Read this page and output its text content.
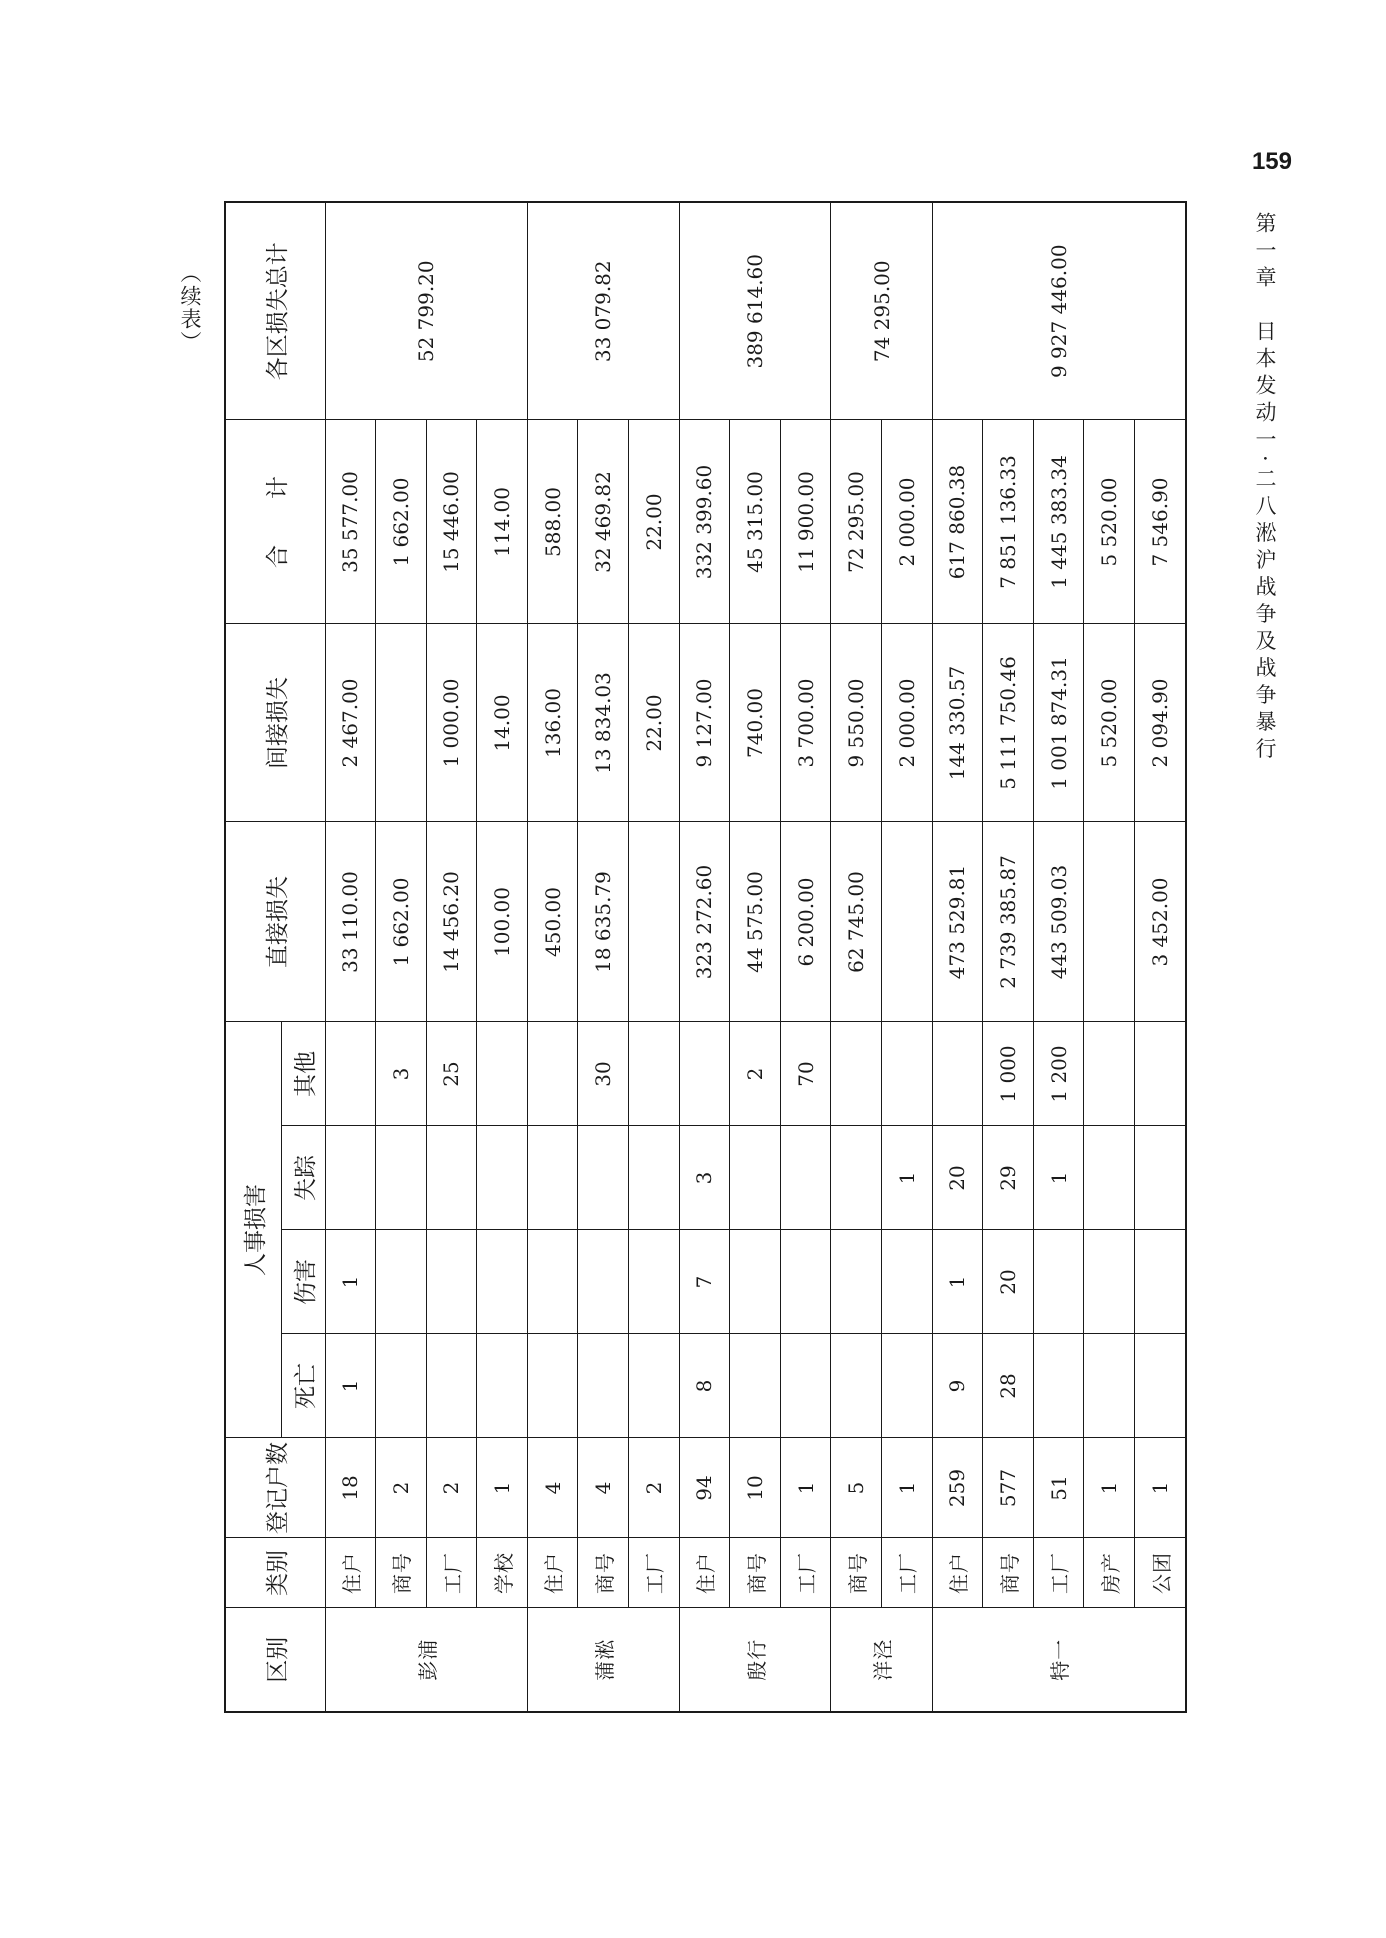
159
第一章　日本发动一·二八淞沪战争及战争暴行
（续表）
区别	类别	登记户数	人事损害				直接损失	间接损失	合　　计	各区损失总计
			死亡	伤害	失踪	其他				
彭浦	住户	18	1	1			33 110.00	2 467.00	35 577.00	52 799.20
	商号	2				3	1 662.00		1 662.00	
	工厂	2				25	14 456.20	1 000.00	15 446.00	
	学校	1					100.00	14.00	114.00	
蒲淞	住户	4					450.00	136.00	588.00	33 079.82
	商号	4				30	18 635.79	13 834.03	32 469.82	
	工厂	2						22.00	22.00	
殷行	住户	94	8	7	3		323 272.60	9 127.00	332 399.60	389 614.60
	商号	10				2	44 575.00	740.00	45 315.00	
	工厂	1				70	6 200.00	3 700.00	11 900.00	
洋泾	商号	5					62 745.00	9 550.00	72 295.00	74 295.00
	工厂	1			1			2 000.00	2 000.00	
特一	住户	259	9	1	20		473 529.81	144 330.57	617 860.38	9 927 446.00
	商号	577	28	20	29	1 000	2 739 385.87	5 111 750.46	7 851 136.33	
	工厂	51			1	1 200	443 509.03	1 001 874.31	1 445 383.34	
	房产	1						5 520.00	5 520.00	
	公团	1					3 452.00	2 094.90	7 546.90	
